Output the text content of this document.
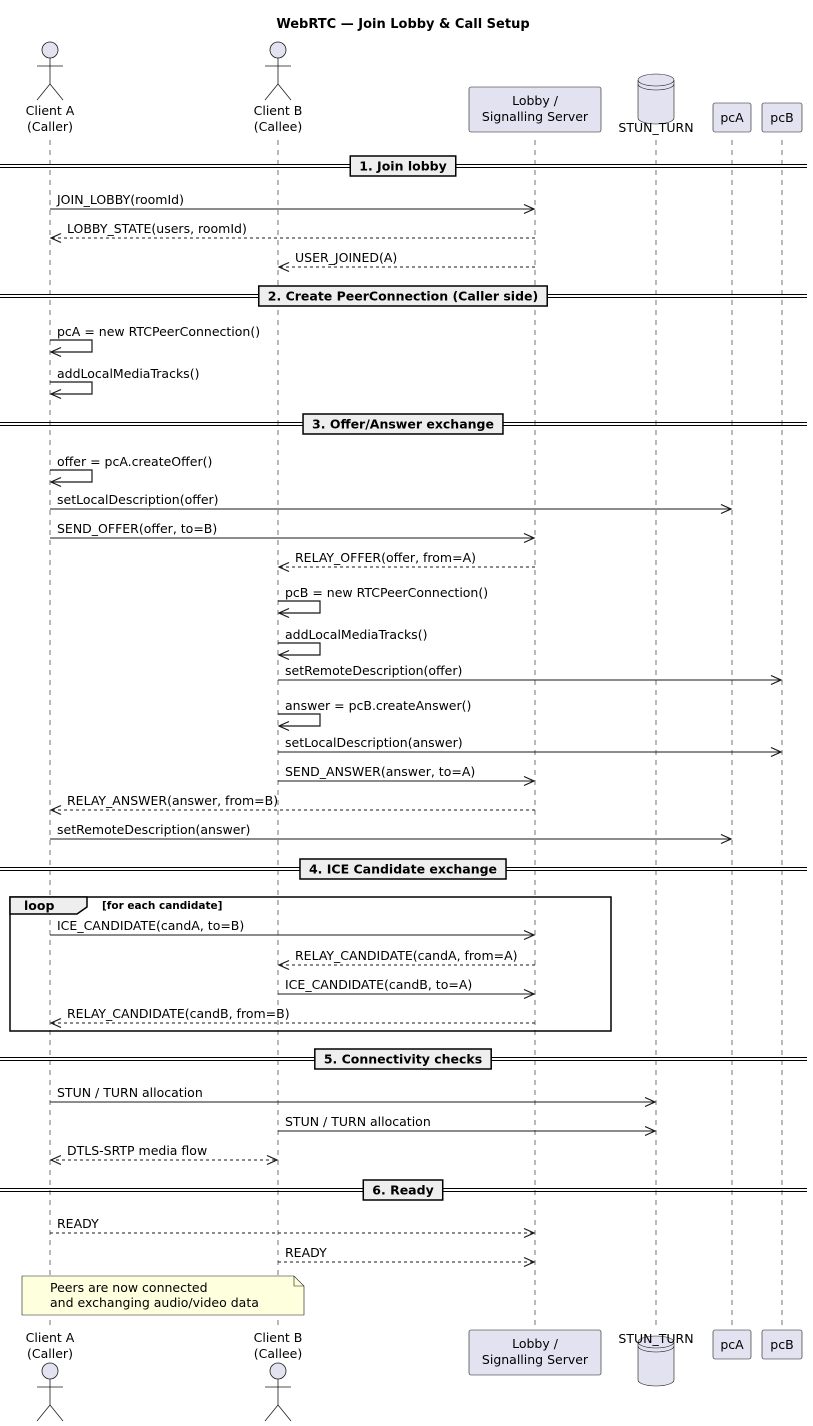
WebRTC — Join Lobby & Call Setup
1. Join lobby
2. Create PeerConnection (Caller side)
3. Offer/Answer exchange
4. ICE Candidate exchange
5. Connectivity checks
6. Ready
loop	[for each candidate]
JOIN_LOBBY(roomId)
LOBBY_STATE(users, roomId)
USER_JOINED(A)
pcA = new RTCPeerConnection()
addLocalMediaTracks()
offer = pcA.createOffer()
setLocalDescription(offer)
SEND_OFFER(offer, to=B)
RELAY_OFFER(offer, from=A)
pcB = new RTCPeerConnection()
addLocalMediaTracks()
setRemoteDescription(offer)
answer = pcB.createAnswer()
setLocalDescription(answer)
SEND_ANSWER(answer, to=A)
RELAY_ANSWER(answer, from=B)
setRemoteDescription(answer)
ICE_CANDIDATE(candA, to=B)
RELAY_CANDIDATE(candA, from=A)
ICE_CANDIDATE(candB, to=A)
RELAY_CANDIDATE(candB, from=B)
STUN / TURN allocation
STUN / TURN allocation
DTLS-SRTP media flow
READY
READY
Peers are now connected
and exchanging audio/video data
Client A
(Caller)
Client A
(Caller)
Client B
(Callee)
Client B
(Callee)
Lobby /
Signalling Server
Lobby /
Signalling Server
STUN_TURN
STUN_TURN
pcA
pcA
pcB
pcB
